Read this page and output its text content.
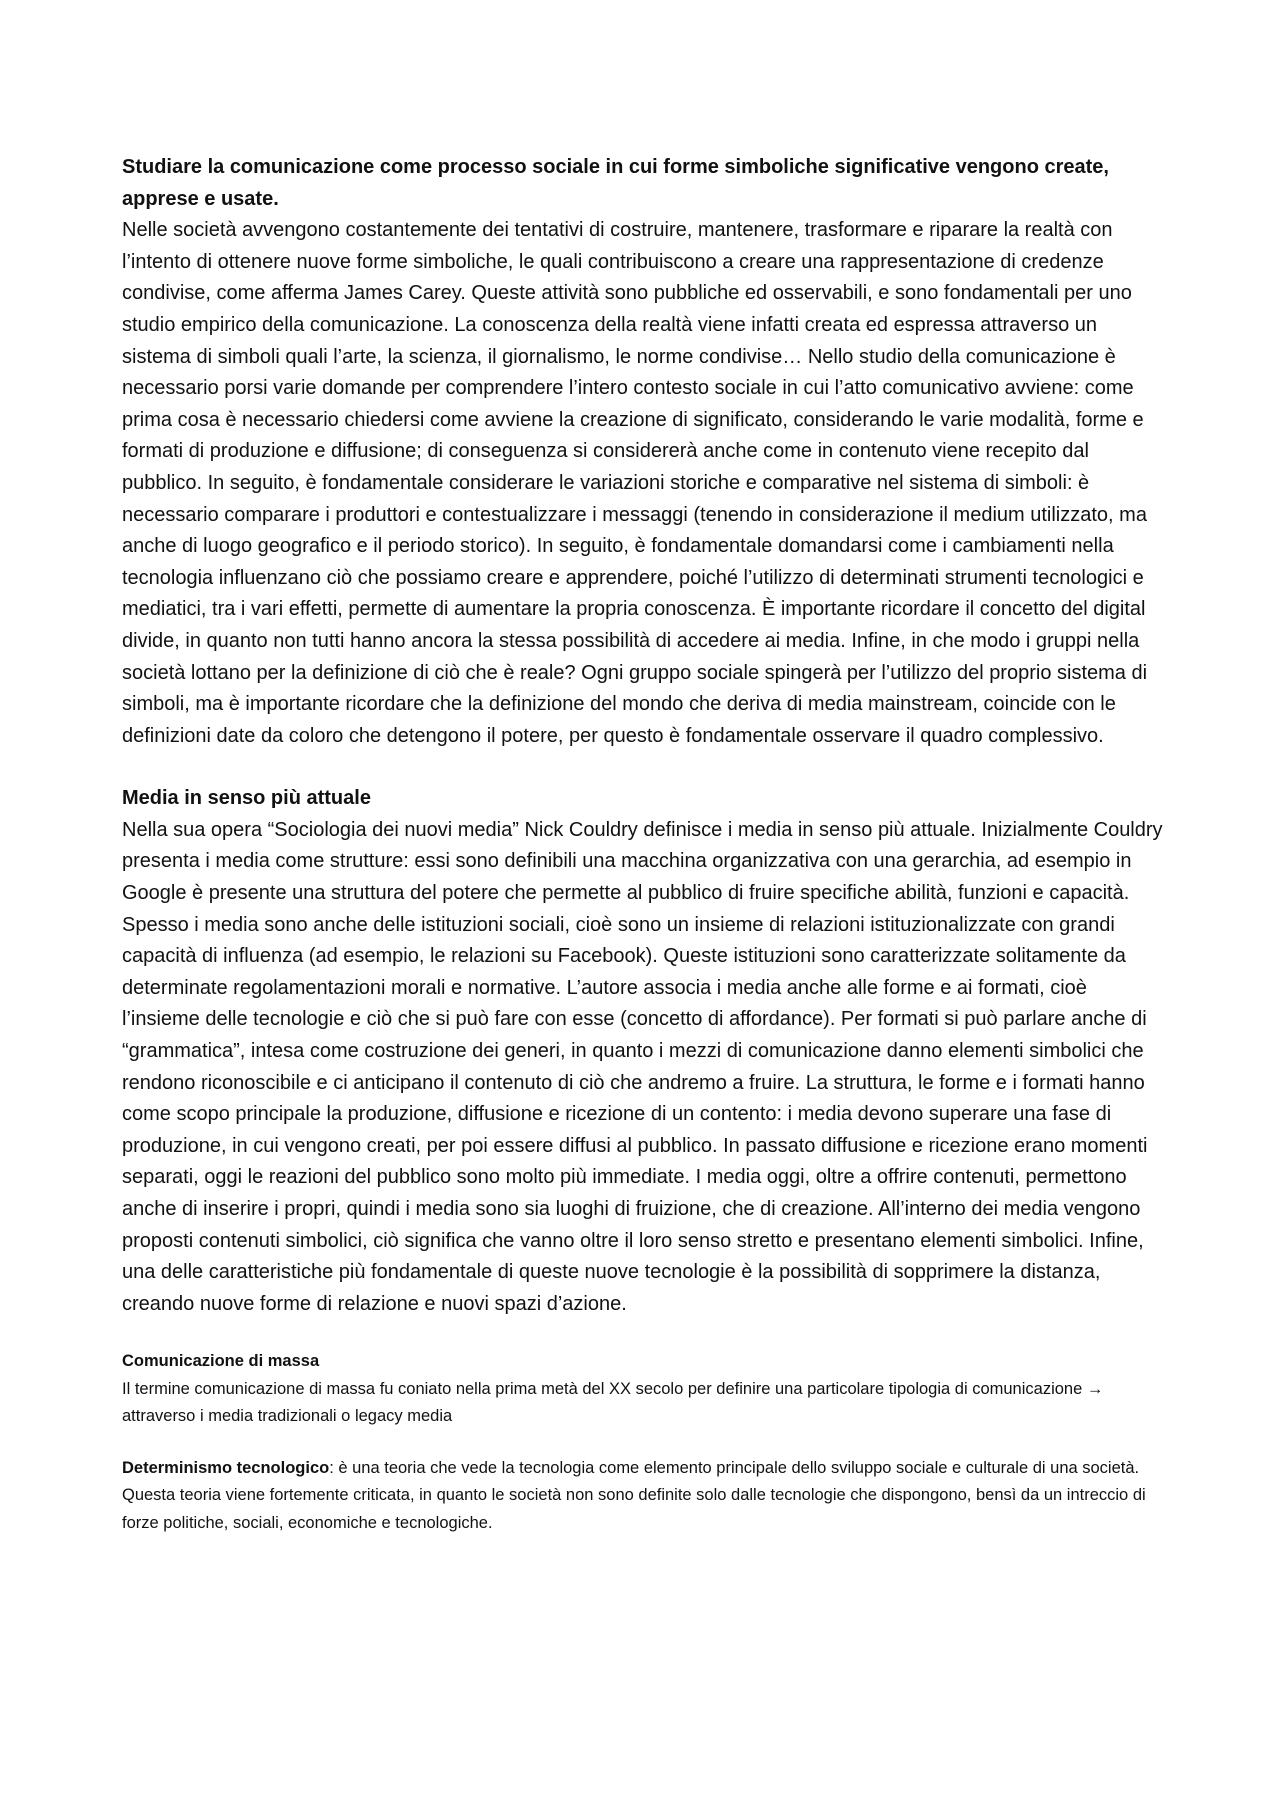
Studiare la comunicazione come processo sociale in cui forme simboliche significative vengono create, apprese e usate.

Nelle società avvengono costantemente dei tentativi di costruire, mantenere, trasformare e riparare la realtà con l’intento di ottenere nuove forme simboliche, le quali contribuiscono a creare una rappresentazione di credenze condivise, come afferma James Carey. Queste attività sono pubbliche ed osservabili, e sono fondamentali per uno studio empirico della comunicazione. La conoscenza della realtà viene infatti creata ed espressa attraverso un sistema di simboli quali l’arte, la scienza, il giornalismo, le norme condivise… Nello studio della comunicazione è necessario porsi varie domande per comprendere l’intero contesto sociale in cui l’atto comunicativo avviene: come prima cosa è necessario chiedersi come avviene la creazione di significato, considerando le varie modalità, forme e formati di produzione e diffusione; di conseguenza si considererà anche come in contenuto viene recepito dal pubblico. In seguito, è fondamentale considerare le variazioni storiche e comparative nel sistema di simboli: è necessario comparare i produttori e contestualizzare i messaggi (tenendo in considerazione il medium utilizzato, ma anche di luogo geografico e il periodo storico). In seguito, è fondamentale domandarsi come i cambiamenti nella tecnologia influenzano ciò che possiamo creare e apprendere, poiché l’utilizzo di determinati strumenti tecnologici e mediatici, tra i vari effetti, permette di aumentare la propria conoscenza. È importante ricordare il concetto del digital divide, in quanto non tutti hanno ancora la stessa possibilità di accedere ai media. Infine, in che modo i gruppi nella società lottano per la definizione di ciò che è reale? Ogni gruppo sociale spingerà per l’utilizzo del proprio sistema di simboli, ma è importante ricordare che la definizione del mondo che deriva di media mainstream, coincide con le definizioni date da coloro che detengono il potere, per questo è fondamentale osservare il quadro complessivo.

Media in senso più attuale

Nella sua opera “Sociologia dei nuovi media” Nick Couldry definisce i media in senso più attuale. Inizialmente Couldry presenta i media come strutture: essi sono definibili una macchina organizzativa con una gerarchia, ad esempio in Google è presente una struttura del potere che permette al pubblico di fruire specifiche abilità, funzioni e capacità. Spesso i media sono anche delle istituzioni sociali, cioè sono un insieme di relazioni istituzionalizzate con grandi capacità di influenza (ad esempio, le relazioni su Facebook). Queste istituzioni sono caratterizzate solitamente da determinate regolamentazioni morali e normative. L’autore associa i media anche alle forme e ai formati, cioè l’insieme delle tecnologie e ciò che si può fare con esse (concetto di affordance). Per formati si può parlare anche di “grammatica”, intesa come costruzione dei generi, in quanto i mezzi di comunicazione danno elementi simbolici che rendono riconoscibile e ci anticipano il contenuto di ciò che andremo a fruire. La struttura, le forme e i formati hanno come scopo principale la produzione, diffusione e ricezione di un contento: i media devono superare una fase di produzione, in cui vengono creati, per poi essere diffusi al pubblico. In passato diffusione e ricezione erano momenti separati, oggi le reazioni del pubblico sono molto più immediate. I media oggi, oltre a offrire contenuti, permettono anche di inserire i propri, quindi i media sono sia luoghi di fruizione, che di creazione. All’interno dei media vengono proposti contenuti simbolici, ciò significa che vanno oltre il loro senso stretto e presentano elementi simbolici. Infine, una delle caratteristiche più fondamentale di queste nuove tecnologie è la possibilità di sopprimere la distanza, creando nuove forme di relazione e nuovi spazi d’azione.

Comunicazione di massa

Il termine comunicazione di massa fu coniato nella prima metà del XX secolo per definire una particolare tipologia di comunicazione → attraverso i media tradizionali o legacy media

Determinismo tecnologico: è una teoria che vede la tecnologia come elemento principale dello sviluppo sociale e culturale di una società. Questa teoria viene fortemente criticata, in quanto le società non sono definite solo dalle tecnologie che dispongono, bensì da un intreccio di forze politiche, sociali, economiche e tecnologiche.
